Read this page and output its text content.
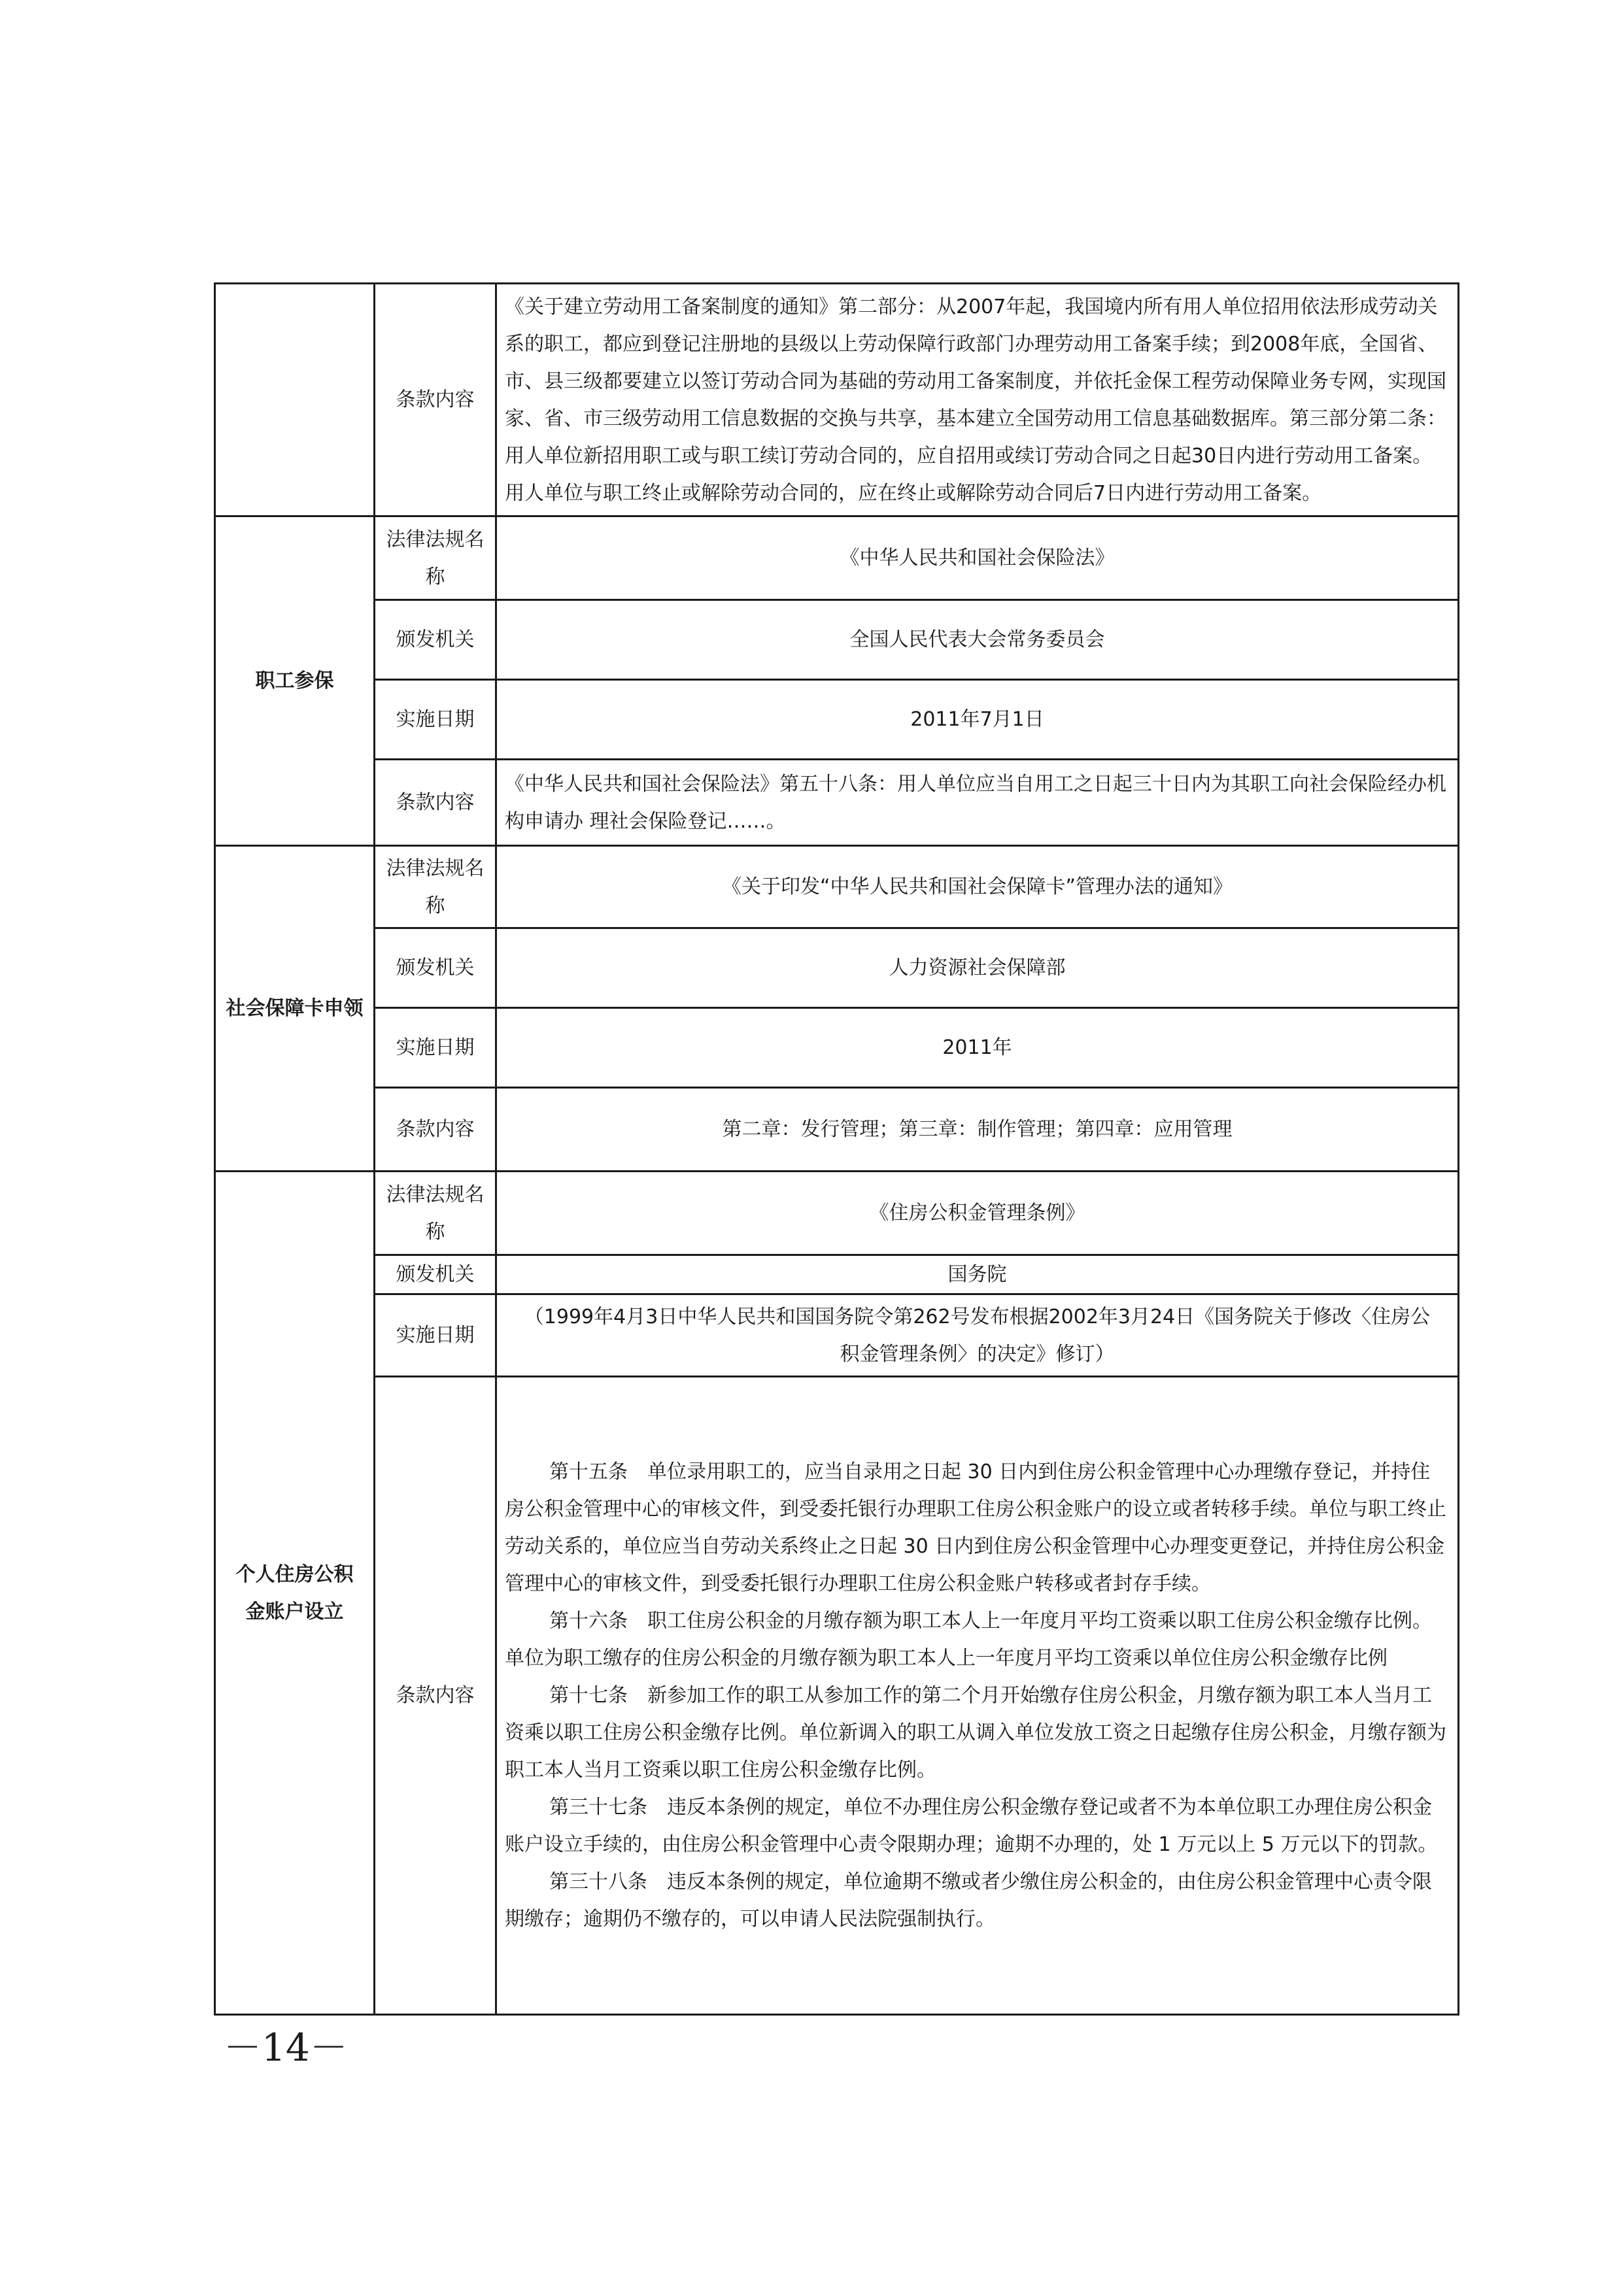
	条款内容	《关于建立劳动用工备案制度的通知》第二部分：从2007年起，我国境内所有用人单位招用依法形成劳动关系的职工，都应到登记注册地的县级以上劳动保障行政部门办理劳动用工备案手续；到2008年底，全国省、市、县三级都要建立以签订劳动合同为基础的劳动用工备案制度，并依托金保工程劳动保障业务专网，实现国家、省、市三级劳动用工信息数据的交换与共享，基本建立全国劳动用工信息基础数据库。第三部分第二条：用人单位新招用职工或与职工续订劳动合同的，应自招用或续订劳动合同之日起30日内进行劳动用工备案。用人单位与职工终止或解除劳动合同的，应在终止或解除劳动合同后7日内进行劳动用工备案。
职工参保	法律法规名称	《中华人民共和国社会保险法》
	颁发机关	全国人民代表大会常务委员会
	实施日期	2011年7月1日
	条款内容	《中华人民共和国社会保险法》第五十八条：用人单位应当自用工之日起三十日内为其职工向社会保险经办机构申请办 理社会保险登记……。
社会保障卡申领	法律法规名称	《关于印发“中华人民共和国社会保障卡”管理办法的通知》
	颁发机关	人力资源社会保障部
	实施日期	2011年
	条款内容	第二章：发行管理；第三章：制作管理；第四章：应用管理
个人住房公积金账户设立	法律法规名称	《住房公积金管理条例》
	颁发机关	国务院
	实施日期	（1999年4月3日中华人民共和国国务院令第262号发布根据2002年3月24日《国务院关于修改〈住房公积金管理条例〉的决定》修订）
	条款内容	第十五条　单位录用职工的，应当自录用之日起 30 日内到住房公积金管理中心办理缴存登记，并持住房公积金管理中心的审核文件，到受委托银行办理职工住房公积金账户的设立或者转移手续。单位与职工终止劳动关系的，单位应当自劳动关系终止之日起 30 日内到住房公积金管理中心办理变更登记，并持住房公积金管理中心的审核文件，到受委托银行办理职工住房公积金账户转移或者封存手续。

第十六条　职工住房公积金的月缴存额为职工本人上一年度月平均工资乘以职工住房公积金缴存比例。单位为职工缴存的住房公积金的月缴存额为职工本人上一年度月平均工资乘以单位住房公积金缴存比例

第十七条　新参加工作的职工从参加工作的第二个月开始缴存住房公积金，月缴存额为职工本人当月工资乘以职工住房公积金缴存比例。单位新调入的职工从调入单位发放工资之日起缴存住房公积金，月缴存额为职工本人当月工资乘以职工住房公积金缴存比例。

第三十七条　违反本条例的规定，单位不办理住房公积金缴存登记或者不为本单位职工办理住房公积金账户设立手续的，由住房公积金管理中心责令限期办理；逾期不办理的，处 1 万元以上 5 万元以下的罚款。

第三十八条　违反本条例的规定，单位逾期不缴或者少缴住房公积金的，由住房公积金管理中心责令限期缴存；逾期仍不缴存的，可以申请人民法院强制执行。

－14－
